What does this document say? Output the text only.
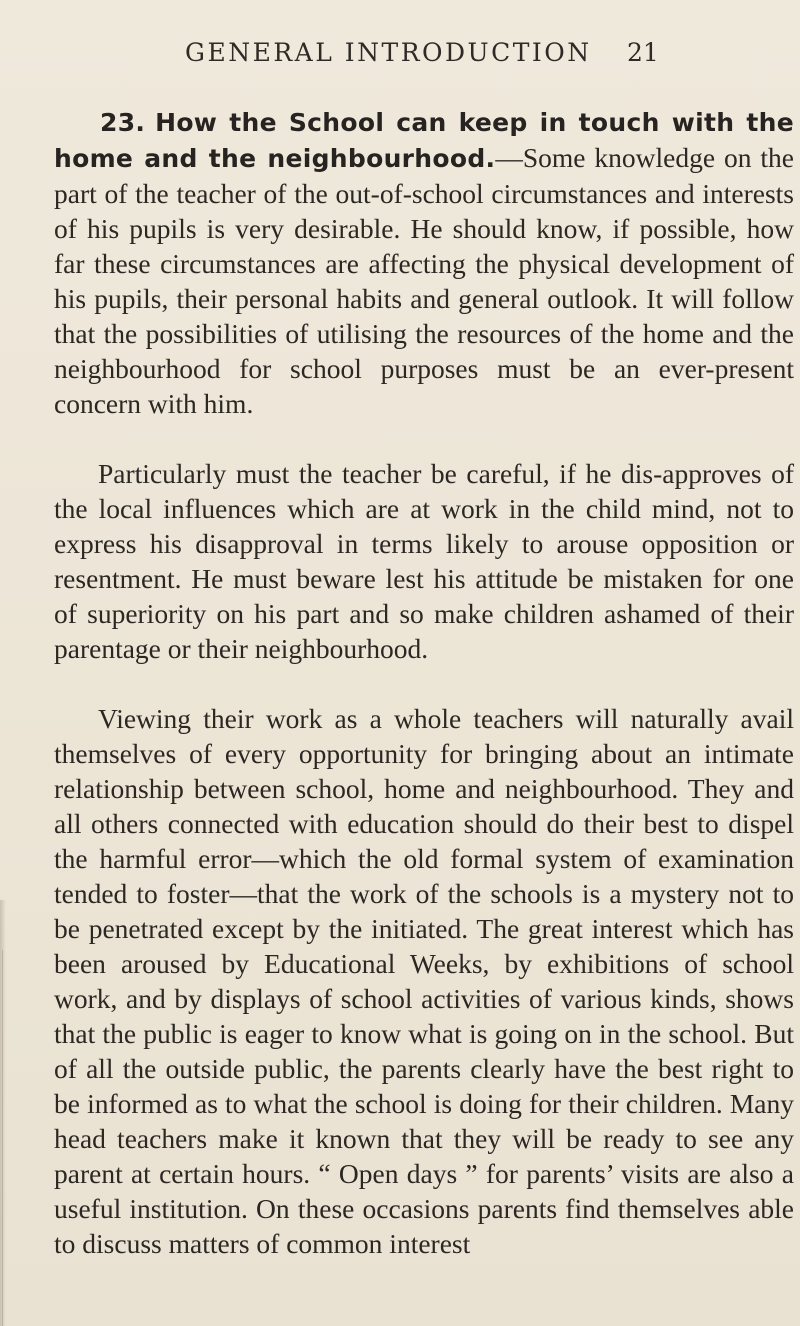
GENERAL INTRODUCTION 21

23. How the School can keep in touch with the home and the neighbourhood.—Some knowledge on the part of the teacher of the out-of-school circumstances and interests of his pupils is very desirable. He should know, if possible, how far these circumstances are affecting the physical development of his pupils, their personal habits and general outlook. It will follow that the possibilities of utilising the resources of the home and the neighbourhood for school purposes must be an ever-present concern with him.

Particularly must the teacher be careful, if he dis-approves of the local influences which are at work in the child mind, not to express his disapproval in terms likely to arouse opposition or resentment. He must beware lest his attitude be mistaken for one of superiority on his part and so make children ashamed of their parentage or their neighbourhood.

Viewing their work as a whole teachers will naturally avail themselves of every opportunity for bringing about an intimate relationship between school, home and neighbourhood. They and all others connected with education should do their best to dispel the harmful error—which the old formal system of examination tended to foster—that the work of the schools is a mystery not to be penetrated except by the initiated. The great interest which has been aroused by Educational Weeks, by exhibitions of school work, and by displays of school activities of various kinds, shows that the public is eager to know what is going on in the school. But of all the outside public, the parents clearly have the best right to be informed as to what the school is doing for their children. Many head teachers make it known that they will be ready to see any parent at certain hours. “ Open days ” for parents’ visits are also a useful institution. On these occasions parents find themselves able to discuss matters of common interest
